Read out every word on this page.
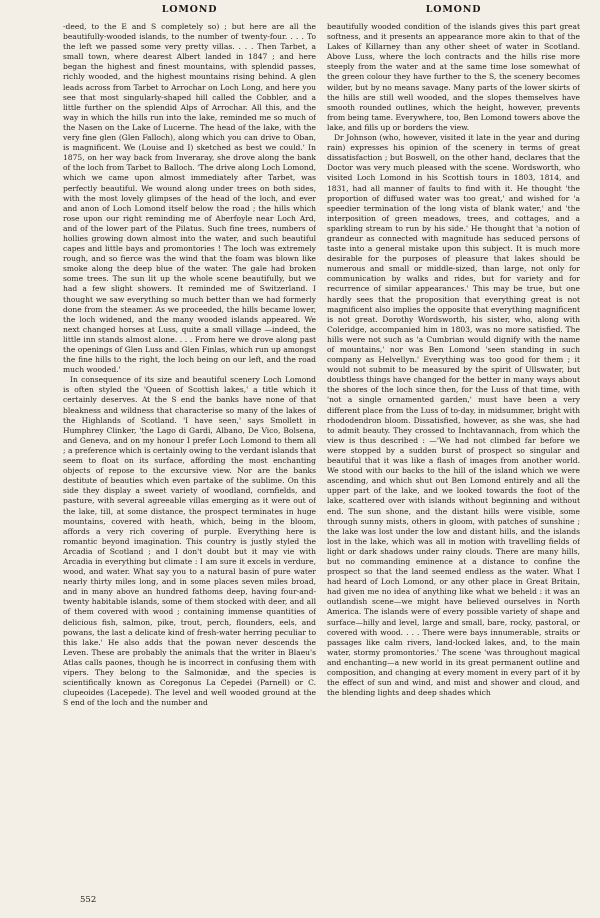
LOMOND	LOMOND

-deed, to the E and S completely so) ; but here are all the beautifully-wooded islands, to the number of twenty-four. . . . To the left we passed some very pretty villas. . . . Then Tarbet, a small town, where dearest Albert landed in 1847 ; and here began the highest and finest mountains, with splendid passes, richly wooded, and the highest mountains rising behind. A glen leads across from Tarbet to Arrochar on Loch Long, and here you see that most singularly-shaped hill called the Cobbler, and a little further on the splendid Alps of Arrochar. All this, and the way in which the hills run into the lake, reminded me so much of the Nasen on the Lake of Lucerne. The head of the lake, with the very fine glen (Glen Falloch), along which you can drive to Oban, is magnificent. We (Louise and I) sketched as best we could.' In 1875, on her way back from Inveraray, she drove along the bank of the loch from Tarbet to Balloch. 'The drive along Loch Lomond, which we came upon almost immediately after Tarbet, was perfectly beautiful. We wound along under trees on both sides, with the most lovely glimpses of the head of the loch, and ever and anon of Loch Lomond itself below the road ; the hills which rose upon our right reminding me of Aberfoyle near Loch Ard, and of the lower part of the Pilatus. Such fine trees, numbers of hollies growing down almost into the water, and such beautiful capes and little bays and promontories ! The loch was extremely rough, and so fierce was the wind that the foam was blown like smoke along the deep blue of the water. The gale had broken some trees. The sun lit up the whole scene beautifully, but we had a few slight showers. It reminded me of Switzerland. I thought we saw everything so much better than we had formerly done from the steamer. As we proceeded, the hills became lower, the loch widened, and the many wooded islands appeared. We next changed horses at Luss, quite a small village —indeed, the little inn stands almost alone. . . . From here we drove along past the openings of Glen Luss and Glen Finlas, which run up amongst the fine hills to the right, the loch being on our left, and the road much wooded.'

In consequence of its size and beautiful scenery Loch Lomond is often styled the 'Queen of Scottish lakes,' a title which it certainly deserves. At the S end the banks have none of that bleakness and wildness that characterise so many of the lakes of the Highlands of Scotland. 'I have seen,' says Smollett in Humphrey Clinker, 'the Lago di Gardi, Albano, De Vico, Bolsena, and Geneva, and on my honour I prefer Loch Lomond to them all ; a preference which is certainly owing to the verdant islands that seem to float on its surface, affording the most enchanting objects of repose to the excursive view. Nor are the banks destitute of beauties which even partake of the sublime. On this side they display a sweet variety of woodland, cornfields, and pasture, with several agreeable villas emerging as it were out of the lake, till, at some distance, the prospect terminates in huge mountains, covered with heath, which, being in the bloom, affords a very rich covering of purple. Everything here is romantic beyond imagination. This country is justly styled the Arcadia of Scotland ; and I don't doubt but it may vie with Arcadia in everything but climate : I am sure it excels in verdure, wood, and water. What say you to a natural basin of pure water nearly thirty miles long, and in some places seven miles broad, and in many above an hundred fathoms deep, having four-and-twenty habitable islands, some of them stocked with deer, and all of them covered with wood ; containing immense quantities of delicious fish, salmon, pike, trout, perch, flounders, eels, and powans, the last a delicate kind of fresh-water herring peculiar to this lake.' He also adds that the powan never descends the Leven. These are probably the animals that the writer in Blaeu's Atlas calls paones, though he is incorrect in confusing them with vipers. They belong to the Salmonidæ, and the species is scientifically known as Coregonus La Cepedei (Parnell) or C. clupeoides (Lacepede). The level and well wooded ground at the S end of the loch and the number and

beautifully wooded condition of the islands gives this part great softness, and it presents an appearance more akin to that of the Lakes of Killarney than any other sheet of water in Scotland. Above Luss, where the loch contracts and the hills rise more steeply from the water and at the same time lose somewhat of the green colour they have further to the S, the scenery becomes wilder, but by no means savage. Many parts of the lower skirts of the hills are still well wooded, and the slopes themselves have smooth rounded outlines, which the height, however, prevents from being tame. Everywhere, too, Ben Lomond towers above the lake, and fills up or borders the view.

Dr Johnson (who, however, visited it late in the year and during rain) expresses his opinion of the scenery in terms of great dissatisfaction ; but Boswell, on the other hand, declares that the Doctor was very much pleased with the scene. Wordsworth, who visited Loch Lomond in his Scottish tours in 1803, 1814, and 1831, had all manner of faults to find with it. He thought 'the proportion of diffused water was too great,' and wished for 'a speedier termination of the long vista of blank water,' and 'the interposition of green meadows, trees, and cottages, and a sparkling stream to run by his side.' He thought that 'a notion of grandeur as connected with magnitude has seduced persons of taste into a general mistake upon this subject. It is much more desirable for the purposes of pleasure that lakes should be numerous and small or middle-sized, than large, not only for communication by walks and rides, but for variety and for recurrence of similar appearances.' This may be true, but one hardly sees that the proposition that everything great is not magnificent also implies the opposite that everything magnificent is not great. Dorothy Wordsworth, his sister, who, along with Coleridge, accompanied him in 1803, was no more satisfied. The hills were not such as 'a Cumbrian would dignify with the name of mountains,' nor was Ben Lomond 'seen standing in such company as Helvellyn.' Everything was too good for them ; it would not submit to be measured by the spirit of Ullswater, but doubtless things have changed for the better in many ways about the shores of the loch since then, for the Luss of that time, with 'not a single ornamented garden,' must have been a very different place from the Luss of to-day, in midsummer, bright with rhododendron bloom. Dissatisfied, however, as she was, she had to admit beauty. They crossed to Inchtavannach, from which the view is thus described : —'We had not climbed far before we were stopped by a sudden burst of prospect so singular and beautiful that it was like a flash of images from another world. We stood with our backs to the hill of the island which we were ascending, and which shut out Ben Lomond entirely and all the upper part of the lake, and we looked towards the foot of the lake, scattered over with islands without beginning and without end. The sun shone, and the distant hills were visible, some through sunny mists, others in gloom, with patches of sunshine ; the lake was lost under the low and distant hills, and the islands lost in the lake, which was all in motion with travelling fields of light or dark shadows under rainy clouds. There are many hills, but no commanding eminence at a distance to confine the prospect so that the land seemed endless as the water. What I had heard of Loch Lomond, or any other place in Great Britain, had given me no idea of anything like what we beheld : it was an outlandish scene—we might have believed ourselves in North America. The islands were of every possible variety of shape and surface—hilly and level, large and small, bare, rocky, pastoral, or covered with wood. . . . There were bays innumerable, straits or passages like calm rivers, land-locked lakes, and, to the main water, stormy promontories.' The scene 'was throughout magical and enchanting—a new world in its great permanent outline and composition, and changing at every moment in every part of it by the effect of sun and wind, and mist and shower and cloud, and the blending lights and deep shades which

552
